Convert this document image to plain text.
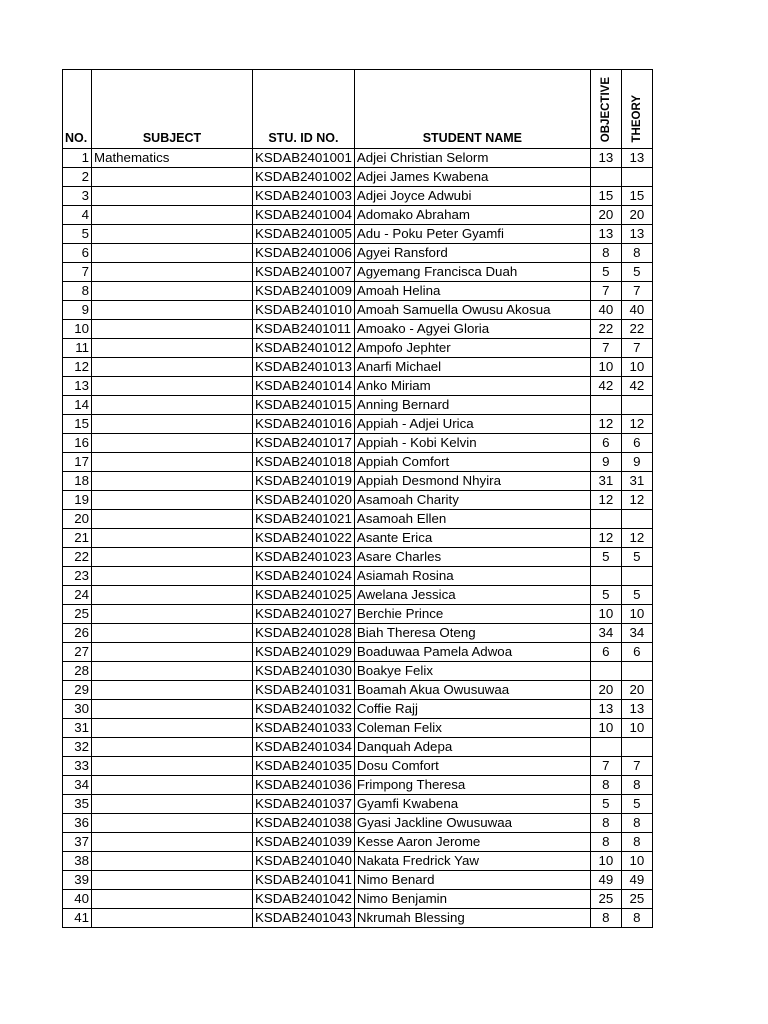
NO.	SUBJECT	STU. ID NO.	STUDENT NAME	OBJECTIVE	THEORY
1	Mathematics	KSDAB2401001	Adjei Christian Selorm	13	13
2		KSDAB2401002	Adjei James Kwabena		
3		KSDAB2401003	Adjei Joyce Adwubi	15	15
4		KSDAB2401004	Adomako Abraham	20	20
5		KSDAB2401005	Adu - Poku Peter Gyamfi	13	13
6		KSDAB2401006	Agyei Ransford	8	8
7		KSDAB2401007	Agyemang Francisca Duah	5	5
8		KSDAB2401009	Amoah Helina	7	7
9		KSDAB2401010	Amoah Samuella Owusu Akosua	40	40
10		KSDAB2401011	Amoako - Agyei Gloria	22	22
11		KSDAB2401012	Ampofo Jephter	7	7
12		KSDAB2401013	Anarfi Michael	10	10
13		KSDAB2401014	Anko Miriam	42	42
14		KSDAB2401015	Anning Bernard		
15		KSDAB2401016	Appiah - Adjei Urica	12	12
16		KSDAB2401017	Appiah - Kobi Kelvin	6	6
17		KSDAB2401018	Appiah Comfort	9	9
18		KSDAB2401019	Appiah Desmond Nhyira	31	31
19		KSDAB2401020	Asamoah Charity	12	12
20		KSDAB2401021	Asamoah Ellen		
21		KSDAB2401022	Asante Erica	12	12
22		KSDAB2401023	Asare Charles	5	5
23		KSDAB2401024	Asiamah Rosina		
24		KSDAB2401025	Awelana Jessica	5	5
25		KSDAB2401027	Berchie Prince	10	10
26		KSDAB2401028	Biah Theresa Oteng	34	34
27		KSDAB2401029	Boaduwaa Pamela Adwoa	6	6
28		KSDAB2401030	Boakye Felix		
29		KSDAB2401031	Boamah Akua Owusuwaa	20	20
30		KSDAB2401032	Coffie Rajj	13	13
31		KSDAB2401033	Coleman Felix	10	10
32		KSDAB2401034	Danquah Adepa		
33		KSDAB2401035	Dosu Comfort	7	7
34		KSDAB2401036	Frimpong Theresa	8	8
35		KSDAB2401037	Gyamfi Kwabena	5	5
36		KSDAB2401038	Gyasi Jackline Owusuwaa	8	8
37		KSDAB2401039	Kesse Aaron Jerome	8	8
38		KSDAB2401040	Nakata Fredrick Yaw	10	10
39		KSDAB2401041	Nimo Benard	49	49
40		KSDAB2401042	Nimo Benjamin	25	25
41		KSDAB2401043	Nkrumah Blessing	8	8
